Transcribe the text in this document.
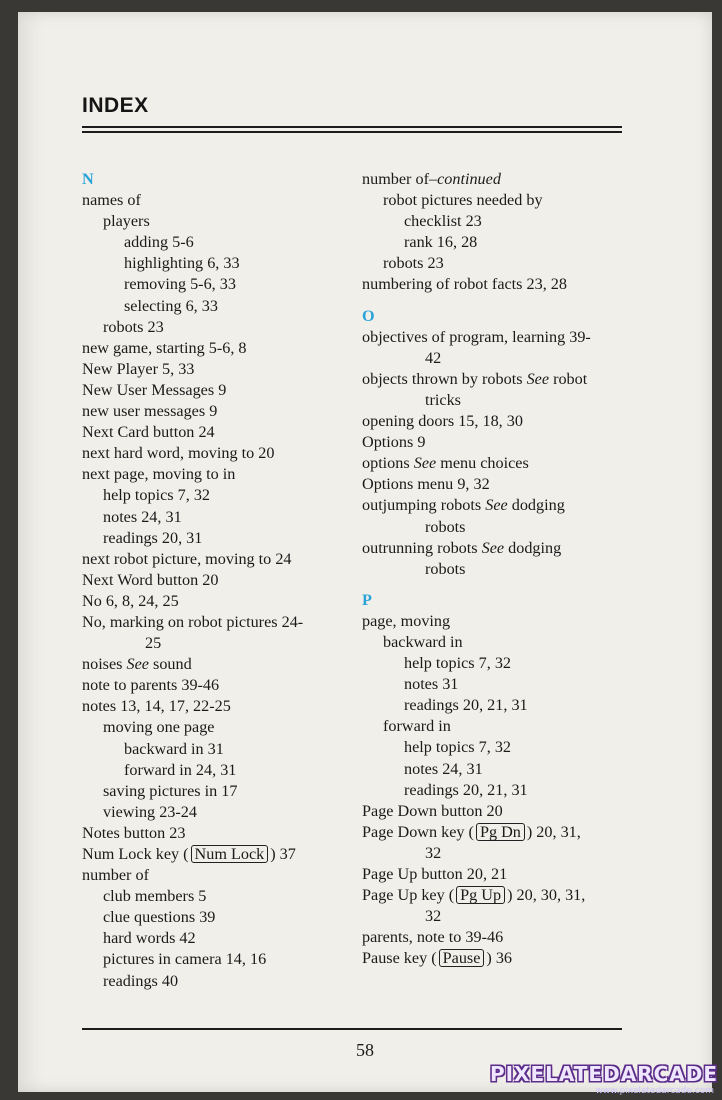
INDEX
N
names of
players
adding 5-6
highlighting 6, 33
removing 5-6, 33
selecting 6, 33
robots 23
new game, starting 5-6, 8
New Player 5, 33
New User Messages 9
new user messages 9
Next Card button 24
next hard word, moving to 20
next page, moving to in
help topics 7, 32
notes 24, 31
readings 20, 31
next robot picture, moving to 24
Next Word button 20
No 6, 8, 24, 25
No, marking on robot pictures 24-
25
noises See sound
note to parents 39-46
notes 13, 14, 17, 22-25
moving one page
backward in 31
forward in 24, 31
saving pictures in 17
viewing 23-24
Notes button 23
Num Lock key ( Num Lock ) 37
number of
club members 5
clue questions 39
hard words 42
pictures in camera 14, 16
readings 40
number of–continued
robot pictures needed by
checklist 23
rank 16, 28
robots 23
numbering of robot facts 23, 28
O
objectives of program, learning 39-
42
objects thrown by robots See robot
tricks
opening doors 15, 18, 30
Options 9
options See menu choices
Options menu 9, 32
outjumping robots See dodging
robots
outrunning robots See dodging
robots
P
page, moving
backward in
help topics 7, 32
notes 31
readings 20, 21, 31
forward in
help topics 7, 32
notes 24, 31
readings 20, 21, 31
Page Down button 20
Page Down key ( Pg Dn ) 20, 31,
32
Page Up button 20, 21
Page Up key ( Pg Up ) 20, 30, 31,
32
parents, note to 39-46
Pause key ( Pause ) 36
58
PIXELATEDARCADE
www.pixelatedarcade.com
